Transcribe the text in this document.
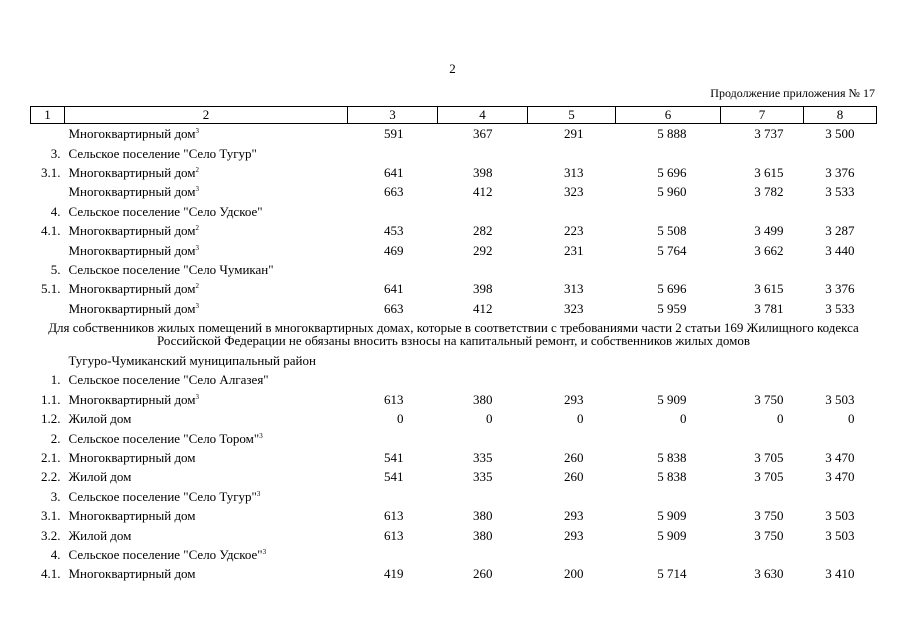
2
Продолжение приложения № 17
1	2	3	4	5	6	7	8
	Многоквартирный дом$^3$	591	367	291	5 888	3 737	3 500
3.	Сельское поселение "Село Тугур"						
3.1.	Многоквартирный дом$^2$	641	398	313	5 696	3 615	3 376
	Многоквартирный дом$^3$	663	412	323	5 960	3 782	3 533
4.	Сельское поселение "Село Удское"						
4.1.	Многоквартирный дом$^2$	453	282	223	5 508	3 499	3 287
	Многоквартирный дом$^3$	469	292	231	5 764	3 662	3 440
5.	Сельское поселение "Село Чумикан"						
5.1.	Многоквартирный дом$^2$	641	398	313	5 696	3 615	3 376
	Многоквартирный дом$^3$	663	412	323	5 959	3 781	3 533
Для собственников жилых помещений в многоквартирных домах, которые в соответствии с требованиями части 2 статьи 169 Жилищного кодекса Российской Федерации не обязаны вносить взносы на капитальный ремонт, и собственников жилых домов							
	Тугуро-Чумиканский муниципальный район						
1.	Сельское поселение "Село Алгазея"						
1.1.	Многоквартирный дом$^3$	613	380	293	5 909	3 750	3 503
1.2.	Жилой дом	0	0	0	0	0	0
2.	Сельское поселение "Село Тором"$^3$						
2.1.	Многоквартирный дом	541	335	260	5 838	3 705	3 470
2.2.	Жилой дом	541	335	260	5 838	3 705	3 470
3.	Сельское поселение "Село Тугур"$^3$						
3.1.	Многоквартирный дом	613	380	293	5 909	3 750	3 503
3.2.	Жилой дом	613	380	293	5 909	3 750	3 503
4.	Сельское поселение "Село Удское"$^3$						
4.1.	Многоквартирный дом	419	260	200	5 714	3 630	3 410
